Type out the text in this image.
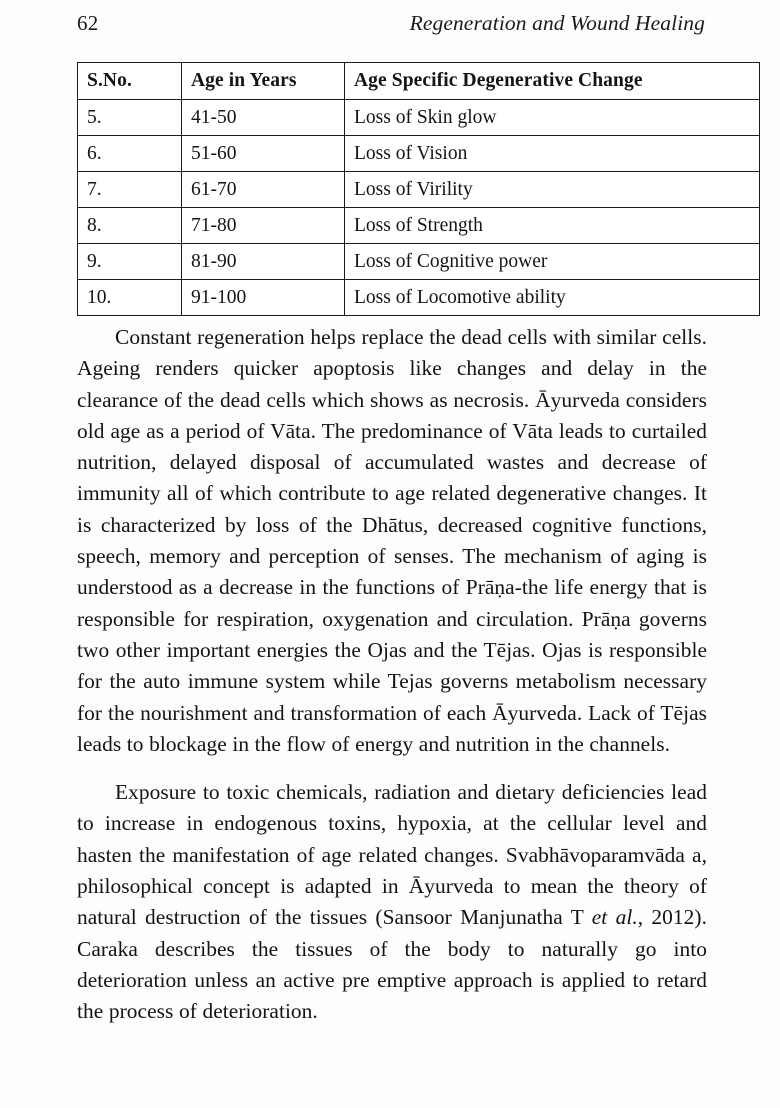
62	Regeneration and Wound Healing
S.No.	Age in Years	Age Specific Degenerative Change
5.	41-50	Loss of Skin glow
6.	51-60	Loss of Vision
7.	61-70	Loss of Virility
8.	71-80	Loss of Strength
9.	81-90	Loss of Cognitive power
10.	91-100	Loss of Locomotive ability

Constant regeneration helps replace the dead cells with similar cells. Ageing renders quicker apoptosis like changes and delay in the clearance of the dead cells which shows as necrosis. Āyurveda considers old age as a period of Vāta. The predominance of Vāta leads to curtailed nutrition, delayed disposal of accumulated wastes and decrease of immunity all of which contribute to age related degenerative changes. It is characterized by loss of the Dhātus, decreased cognitive functions, speech, memory and perception of senses. The mechanism of aging is understood as a decrease in the functions of Prāṇa-the life energy that is responsible for respiration, oxygenation and circulation. Prāṇa governs two other important energies the Ojas and the Tējas. Ojas is responsible for the auto immune system while Tejas governs metabolism necessary for the nourishment and transformation of each Āyurveda. Lack of Tējas leads to blockage in the flow of energy and nutrition in the channels.

Exposure to toxic chemicals, radiation and dietary deficiencies lead to increase in endogenous toxins, hypoxia, at the cellular level and hasten the manifestation of age related changes. Svabhāvoparamvāda a, philosophical concept is adapted in Āyurveda to mean the theory of natural destruction of the tissues (Sansoor Manjunatha T et al., 2012). Caraka describes the tissues of the body to naturally go into deterioration unless an active pre emptive approach is applied to retard the process of deterioration.
